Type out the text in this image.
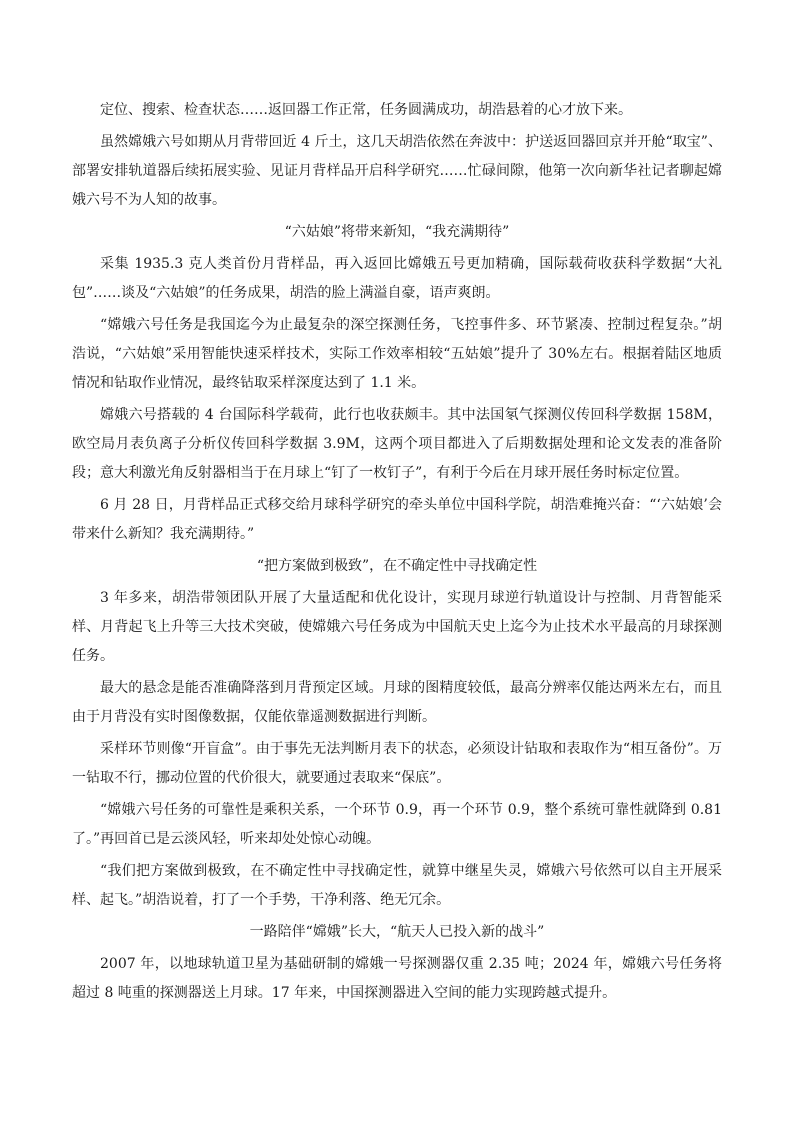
定位、搜索、检查状态……返回器工作正常，任务圆满成功，胡浩悬着的心才放下来。

虽然嫦娥六号如期从月背带回近 4 斤土，这几天胡浩依然在奔波中：护送返回器回京并开舱“取宝”、部署安排轨道器后续拓展实验、见证月背样品开启科学研究……忙碌间隙，他第一次向新华社记者聊起嫦娥六号不为人知的故事。

“六姑娘”将带来新知，“我充满期待”

采集 1935.3 克人类首份月背样品，再入返回比嫦娥五号更加精确，国际载荷收获科学数据“大礼包”……谈及“六姑娘”的任务成果，胡浩的脸上满溢自豪，语声爽朗。

“嫦娥六号任务是我国迄今为止最复杂的深空探测任务，飞控事件多、环节紧凑、控制过程复杂。”胡浩说，“六姑娘”采用智能快速采样技术，实际工作效率相较“五姑娘”提升了 30%左右。根据着陆区地质情况和钻取作业情况，最终钻取采样深度达到了 1.1 米。

嫦娥六号搭载的 4 台国际科学载荷，此行也收获颇丰。其中法国氡气探测仪传回科学数据 158M，欧空局月表负离子分析仪传回科学数据 3.9M，这两个项目都进入了后期数据处理和论文发表的准备阶段；意大利激光角反射器相当于在月球上“钉了一枚钉子”，有利于今后在月球开展任务时标定位置。

6 月 28 日，月背样品正式移交给月球科学研究的牵头单位中国科学院，胡浩难掩兴奋：“‘六姑娘’会带来什么新知？我充满期待。”

“把方案做到极致”，在不确定性中寻找确定性

3 年多来，胡浩带领团队开展了大量适配和优化设计，实现月球逆行轨道设计与控制、月背智能采样、月背起飞上升等三大技术突破，使嫦娥六号任务成为中国航天史上迄今为止技术水平最高的月球探测任务。

最大的悬念是能否准确降落到月背预定区域。月球的图精度较低，最高分辨率仅能达两米左右，而且由于月背没有实时图像数据，仅能依靠遥测数据进行判断。

采样环节则像“开盲盒”。由于事先无法判断月表下的状态，必须设计钻取和表取作为“相互备份”。万一钻取不行，挪动位置的代价很大，就要通过表取来“保底”。

“嫦娥六号任务的可靠性是乘积关系，一个环节 0.9，再一个环节 0.9，整个系统可靠性就降到 0.81 了。”再回首已是云淡风轻，听来却处处惊心动魄。

“我们把方案做到极致，在不确定性中寻找确定性，就算中继星失灵，嫦娥六号依然可以自主开展采样、起飞。”胡浩说着，打了一个手势，干净利落、绝无冗余。

一路陪伴“嫦娥”长大，“航天人已投入新的战斗”

2007 年，以地球轨道卫星为基础研制的嫦娥一号探测器仅重 2.35 吨；2024 年，嫦娥六号任务将超过 8 吨重的探测器送上月球。17 年来，中国探测器进入空间的能力实现跨越式提升。
